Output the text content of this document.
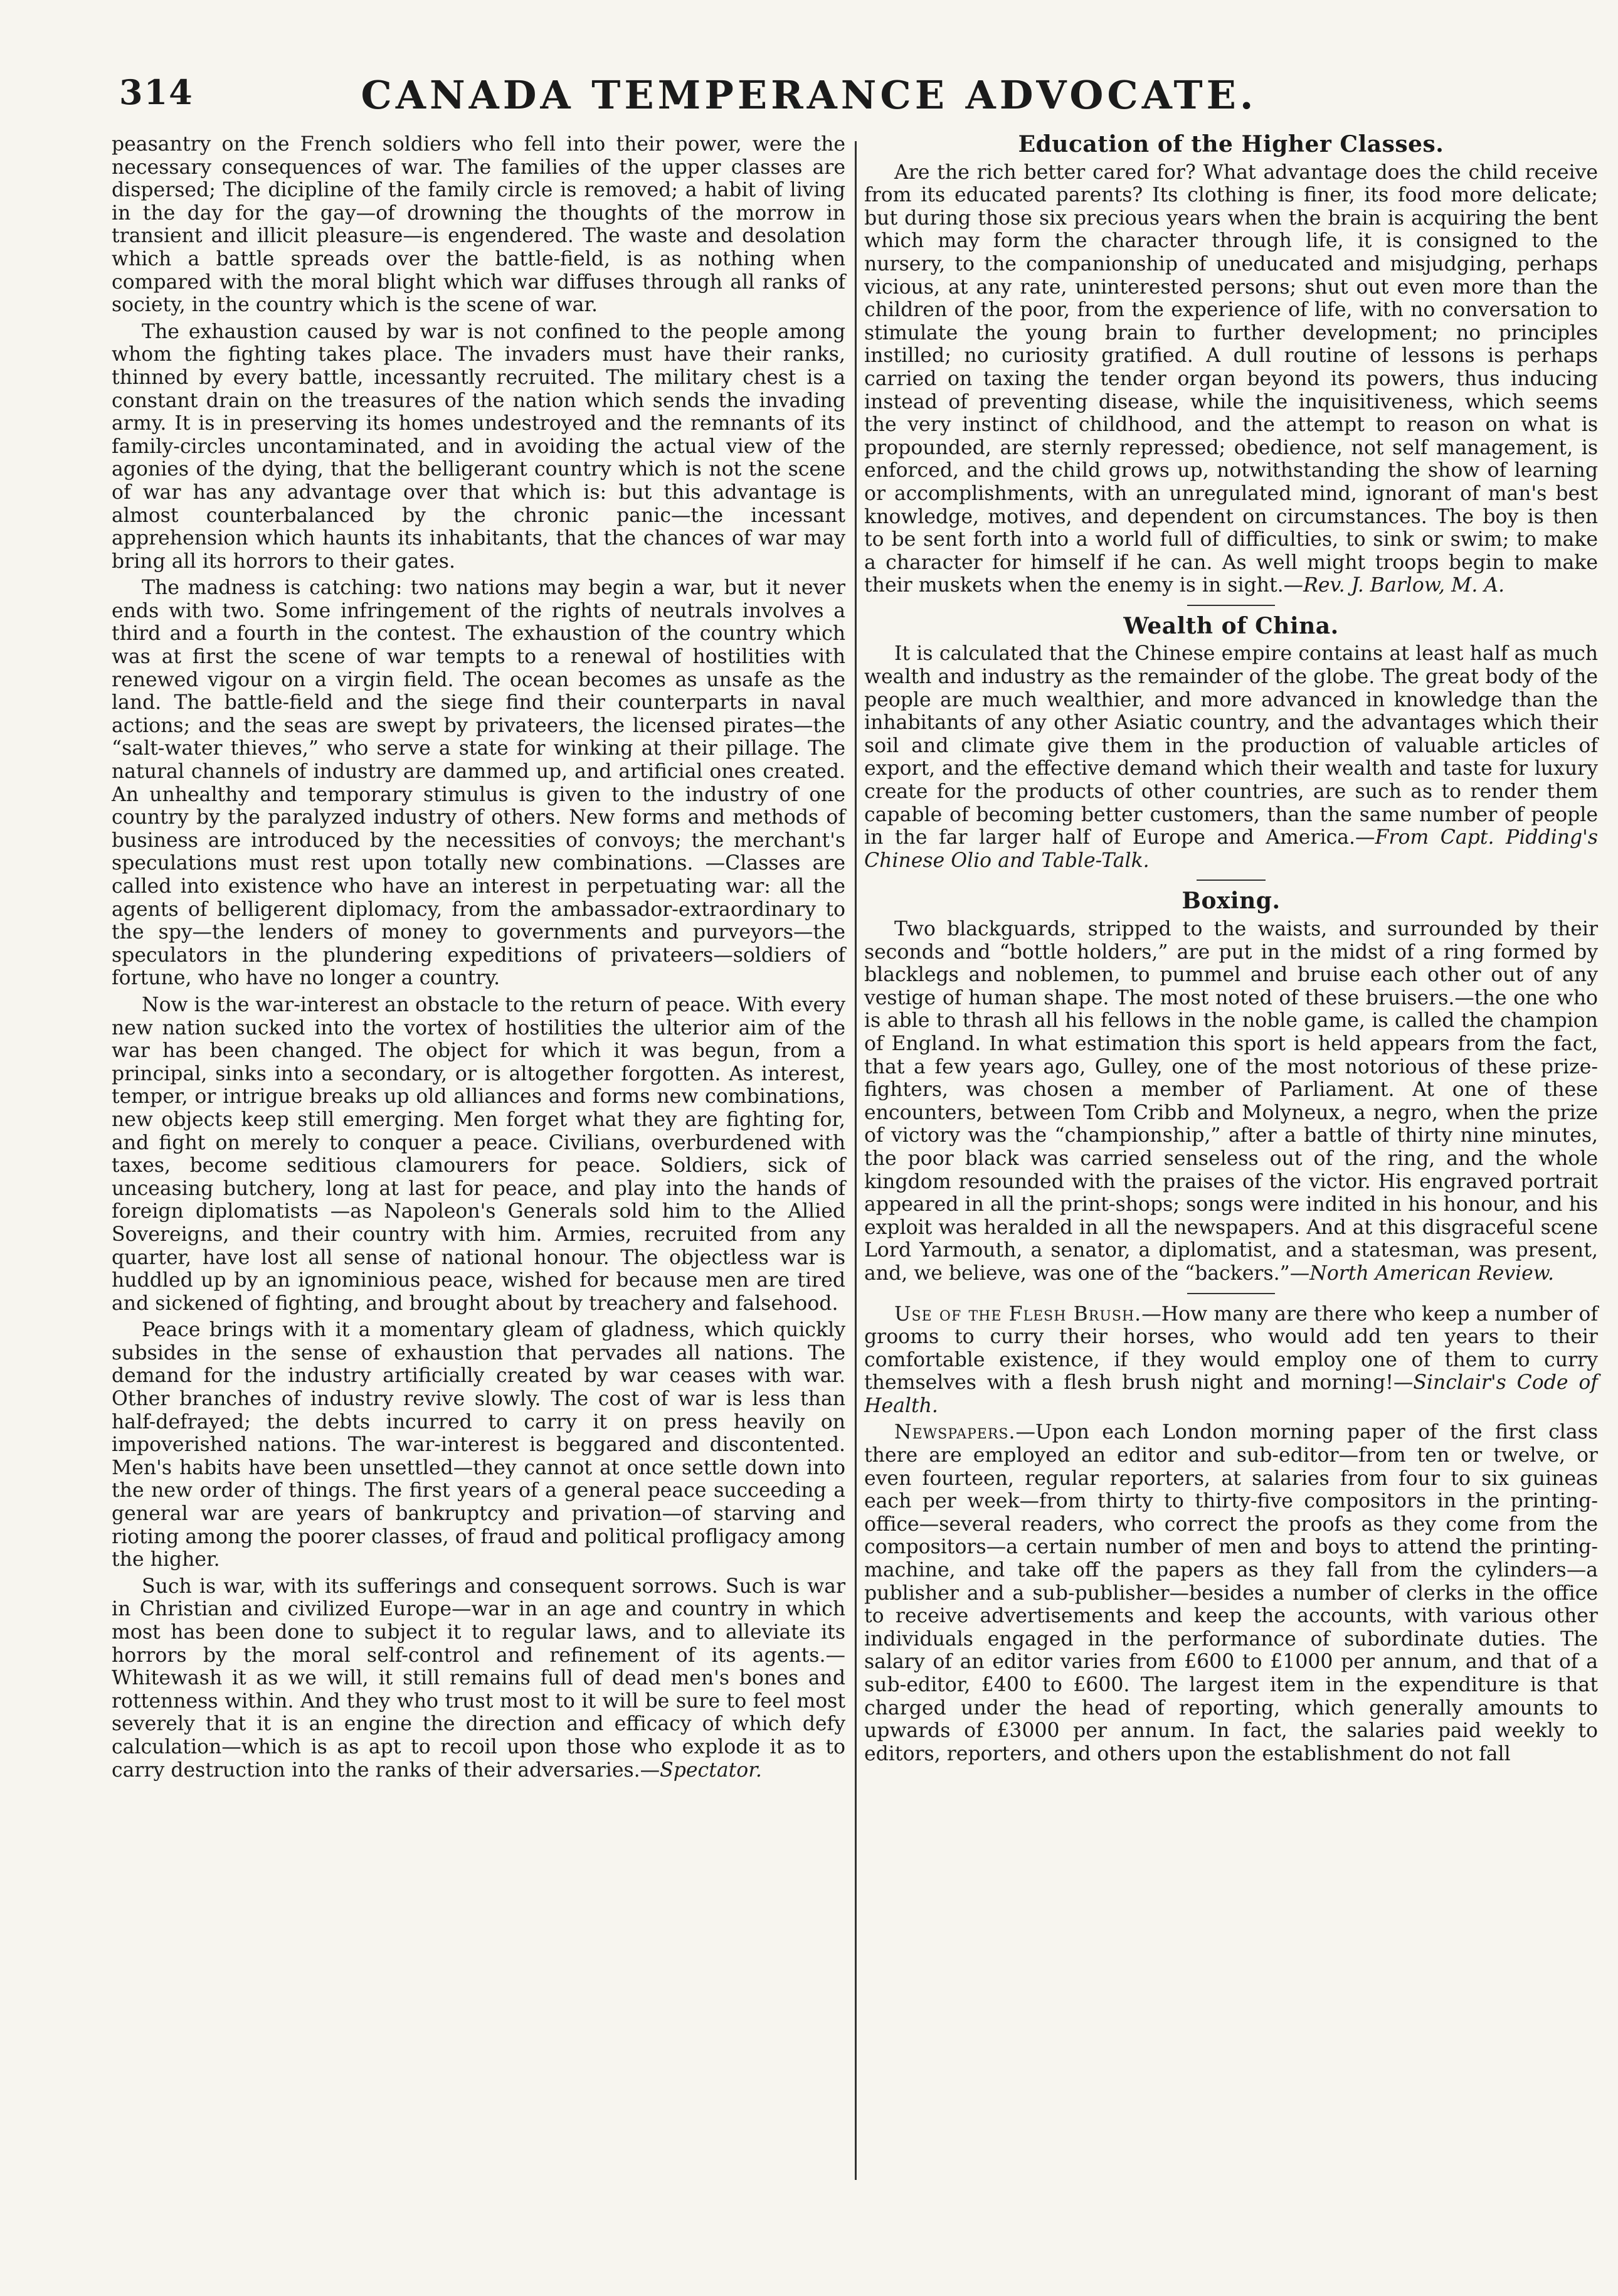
314	CANADA TEMPERANCE ADVOCATE.

peasantry on the French soldiers who fell into their power, were the necessary consequences of war. The families of the upper classes are dispersed; The dicipline of the family circle is removed; a habit of living in the day for the gay—of drowning the thoughts of the morrow in transient and illicit pleasure—is engendered. The waste and desolation which a battle spreads over the battle-field, is as nothing when compared with the moral blight which war diffuses through all ranks of society, in the country which is the scene of war.

The exhaustion caused by war is not confined to the people among whom the fighting takes place. The invaders must have their ranks, thinned by every battle, incessantly recruited. The military chest is a constant drain on the treasures of the nation which sends the invading army. It is in preserving its homes undestroyed and the remnants of its family-circles uncontaminated, and in avoiding the actual view of the agonies of the dying, that the belligerant country which is not the scene of war has any advantage over that which is: but this advantage is almost counterbalanced by the chronic panic—the incessant apprehension which haunts its inhabitants, that the chances of war may bring all its horrors to their gates.

The madness is catching: two nations may begin a war, but it never ends with two. Some infringement of the rights of neutrals involves a third and a fourth in the contest. The exhaustion of the country which was at first the scene of war tempts to a renewal of hostilities with renewed vigour on a virgin field. The ocean becomes as unsafe as the land. The battle-field and the siege find their counterparts in naval actions; and the seas are swept by privateers, the licensed pirates—the “salt-water thieves,” who serve a state for winking at their pillage. The natural channels of industry are dammed up, and artificial ones created. An unhealthy and temporary stimulus is given to the industry of one country by the paralyzed industry of others. New forms and methods of business are introduced by the necessities of convoys; the merchant's speculations must rest upon totally new combinations. —Classes are called into existence who have an interest in perpetuating war: all the agents of belligerent diplomacy, from the ambassador-extraordinary to the spy—the lenders of money to governments and purveyors—the speculators in the plundering expeditions of privateers—soldiers of fortune, who have no longer a country.

Now is the war-interest an obstacle to the return of peace. With every new nation sucked into the vortex of hostilities the ulterior aim of the war has been changed. The object for which it was begun, from a principal, sinks into a secondary, or is altogether forgotten. As interest, temper, or intrigue breaks up old alliances and forms new combinations, new objects keep still emerging. Men forget what they are fighting for, and fight on merely to conquer a peace. Civilians, overburdened with taxes, become seditious clamourers for peace. Soldiers, sick of unceasing butchery, long at last for peace, and play into the hands of foreign diplomatists —as Napoleon's Generals sold him to the Allied Sovereigns, and their country with him. Armies, recruited from any quarter, have lost all sense of national honour. The objectless war is huddled up by an ignominious peace, wished for because men are tired and sickened of fighting, and brought about by treachery and falsehood.

Peace brings with it a momentary gleam of gladness, which quickly subsides in the sense of exhaustion that pervades all nations. The demand for the industry artificially created by war ceases with war. Other branches of industry revive slowly. The cost of war is less than half-defrayed; the debts incurred to carry it on press heavily on impoverished nations. The war-interest is beggared and discontented. Men's habits have been unsettled—they cannot at once settle down into the new order of things. The first years of a general peace succeeding a general war are years of bankruptcy and privation—of starving and rioting among the poorer classes, of fraud and political profligacy among the higher.

Such is war, with its sufferings and consequent sorrows. Such is war in Christian and civilized Europe—war in an age and country in which most has been done to subject it to regular laws, and to alleviate its horrors by the moral self-control and refinement of its agents.—Whitewash it as we will, it still remains full of dead men's bones and rottenness within. And they who trust most to it will be sure to feel most severely that it is an engine the direction and efficacy of which defy calculation—which is as apt to recoil upon those who explode it as to carry destruction into the ranks of their adversaries.—Spectator.

Education of the Higher Classes.

Are the rich better cared for? What advantage does the child receive from its educated parents? Its clothing is finer, its food more delicate; but during those six precious years when the brain is acquiring the bent which may form the character through life, it is consigned to the nursery, to the companionship of uneducated and misjudging, perhaps vicious, at any rate, uninterested persons; shut out even more than the children of the poor, from the experience of life, with no conversation to stimulate the young brain to further development; no principles instilled; no curiosity gratified. A dull routine of lessons is perhaps carried on taxing the tender organ beyond its powers, thus inducing instead of preventing disease, while the inquisitiveness, which seems the very instinct of childhood, and the attempt to reason on what is propounded, are sternly repressed; obedience, not self management, is enforced, and the child grows up, notwithstanding the show of learning or accomplishments, with an unregulated mind, ignorant of man's best knowledge, motives, and dependent on circumstances. The boy is then to be sent forth into a world full of difficulties, to sink or swim; to make a character for himself if he can. As well might troops begin to make their muskets when the enemy is in sight.—Rev. J. Barlow, M. A.

Wealth of China.

It is calculated that the Chinese empire contains at least half as much wealth and industry as the remainder of the globe. The great body of the people are much wealthier, and more advanced in knowledge than the inhabitants of any other Asiatic country, and the advantages which their soil and climate give them in the production of valuable articles of export, and the effective demand which their wealth and taste for luxury create for the products of other countries, are such as to render them capable of becoming better customers, than the same number of people in the far larger half of Europe and America.—From Capt. Pidding's Chinese Olio and Table-Talk.

Boxing.

Two blackguards, stripped to the waists, and surrounded by their seconds and “bottle holders,” are put in the midst of a ring formed by blacklegs and noblemen, to pummel and bruise each other out of any vestige of human shape. The most noted of these bruisers.—the one who is able to thrash all his fellows in the noble game, is called the champion of England. In what estimation this sport is held appears from the fact, that a few years ago, Gulley, one of the most notorious of these prize-fighters, was chosen a member of Parliament. At one of these encounters, between Tom Cribb and Molyneux, a negro, when the prize of victory was the “championship,” after a battle of thirty nine minutes, the poor black was carried senseless out of the ring, and the whole kingdom resounded with the praises of the victor. His engraved portrait appeared in all the print-shops; songs were indited in his honour, and his exploit was heralded in all the newspapers. And at this disgraceful scene Lord Yarmouth, a senator, a diplomatist, and a statesman, was present, and, we believe, was one of the “backers.”—North American Review.

Use of the Flesh Brush.—How many are there who keep a number of grooms to curry their horses, who would add ten years to their comfortable existence, if they would employ one of them to curry themselves with a flesh brush night and morning!—Sinclair's Code of Health.

Newspapers.—Upon each London morning paper of the first class there are employed an editor and sub-editor—from ten or twelve, or even fourteen, regular reporters, at salaries from four to six guineas each per week—from thirty to thirty-five compositors in the printing-office—several readers, who correct the proofs as they come from the compositors—a certain number of men and boys to attend the printing-machine, and take off the papers as they fall from the cylinders—a publisher and a sub-publisher—besides a number of clerks in the office to receive advertisements and keep the accounts, with various other individuals engaged in the performance of subordinate duties. The salary of an editor varies from £600 to £1000 per annum, and that of a sub-editor, £400 to £600. The largest item in the expenditure is that charged under the head of reporting, which generally amounts to upwards of £3000 per annum. In fact, the salaries paid weekly to editors, reporters, and others upon the establishment do not fall
